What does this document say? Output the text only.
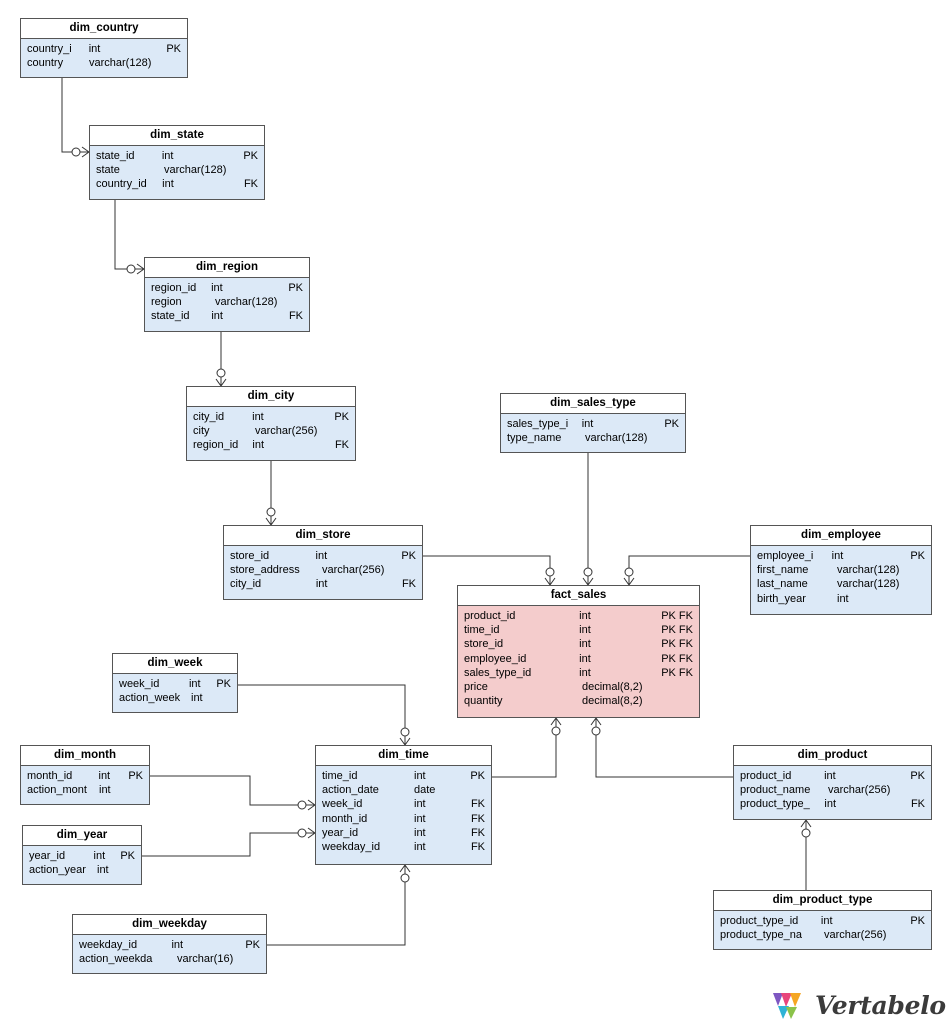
dim_country
country_i	int	PK
country	varchar(128)
dim_state
state_id	int	PK
state	varchar(128)
country_id	int	FK
dim_region
region_id	int	PK
region	varchar(128)
state_id	int	FK
dim_city
city_id	int	PK
city	varchar(256)
region_id	int	FK
dim_sales_type
sales_type_i	int	PK
type_name	varchar(128)
dim_store
store_id	int	PK
store_address	varchar(256)
city_id	int	FK
dim_employee
employee_i	int	PK
first_name	varchar(128)
last_name	varchar(128)
birth_year	int
fact_sales
product_id	int	PK FK
time_id	int	PK FK
store_id	int	PK FK
employee_id	int	PK FK
sales_type_id	int	PK FK
price	decimal(8,2)
quantity	decimal(8,2)
dim_week
week_id	int	PK
action_week int
dim_month
month_id	int	PK
action_mont	int
dim_time
time_id	int	PK
action_date	date
week_id	int	FK
month_id	int	FK
year_id	int	FK
weekday_id	int	FK
dim_product
product_id	int	PK
product_name	varchar(256)
product_type_	int	FK
dim_year
year_id	int	PK
action_year	int
dim_product_type
product_type_id	int	PK
product_type_na	varchar(256)
dim_weekday
weekday_id	int	PK
action_weekda	varchar(16)
Vertabelo
